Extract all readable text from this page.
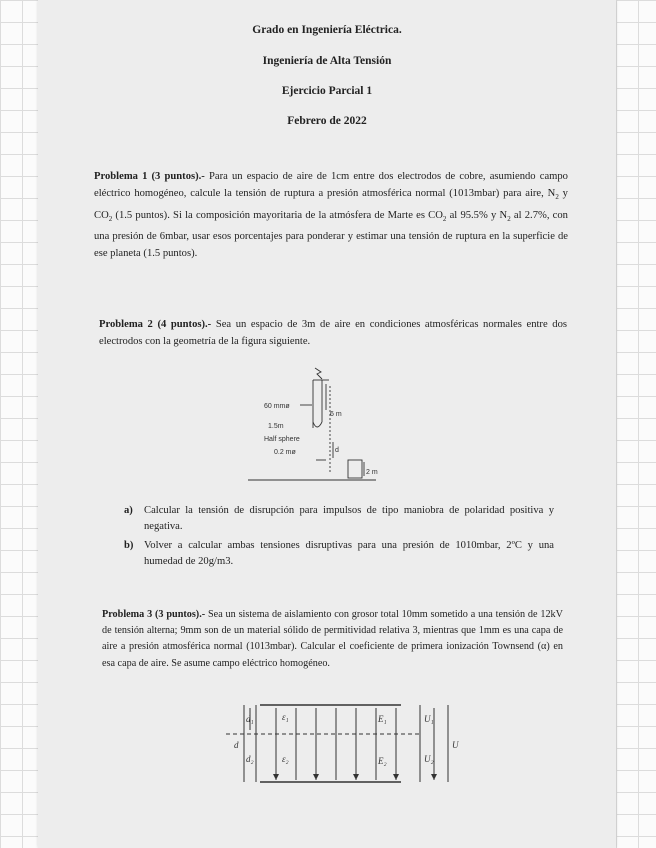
Grado en Ingeniería Eléctrica.
Ingeniería de Alta Tensión
Ejercicio Parcial 1
Febrero de 2022
Problema 1 (3 puntos).- Para un espacio de aire de 1cm entre dos electrodos de cobre, asumiendo campo eléctrico homogéneo, calcule la tensión de ruptura a presión atmosférica normal (1013mbar) para aire, $N_2$ y $CO_2$ (1.5 puntos). Si la composición mayoritaria de la atmósfera de Marte es $CO_2$ al 95.5% y $N_2$ al 2.7%, con una presión de 6mbar, usar esos porcentajes para ponderar y estimar una tensión de ruptura en la superficie de ese planeta (1.5 puntos).
Problema 2 (4 puntos).- Sea un espacio de 3m de aire en condiciones atmosféricas normales entre dos electrodos con la geometría de la figura siguiente.
60 mmø
6 m
1.5m
Half sphere
0.2 mø	d
2 m
a) Calcular la tensión de disrupción para impulsos de tipo maniobra de polaridad positiva y negativa.
b) Volver a calcular ambas tensiones disruptivas para una presión de 1010mbar, 2ºC y una humedad de 20g/m3.
Problema 3 (3 puntos).- Sea un sistema de aislamiento con grosor total 10mm sometido a una tensión de 12kV de tensión alterna; 9mm son de un material sólido de permitividad relativa 3, mientras que 1mm es una capa de aire a presión atmosférica normal (1013mbar). Calcular el coeficiente de primera ionización Townsend (α) en esa capa de aire. Se asume campo eléctrico homogéneo.
d₁
d₂
d
ε₁
ε₂
E₁
E₂
U₁
U₂
U
